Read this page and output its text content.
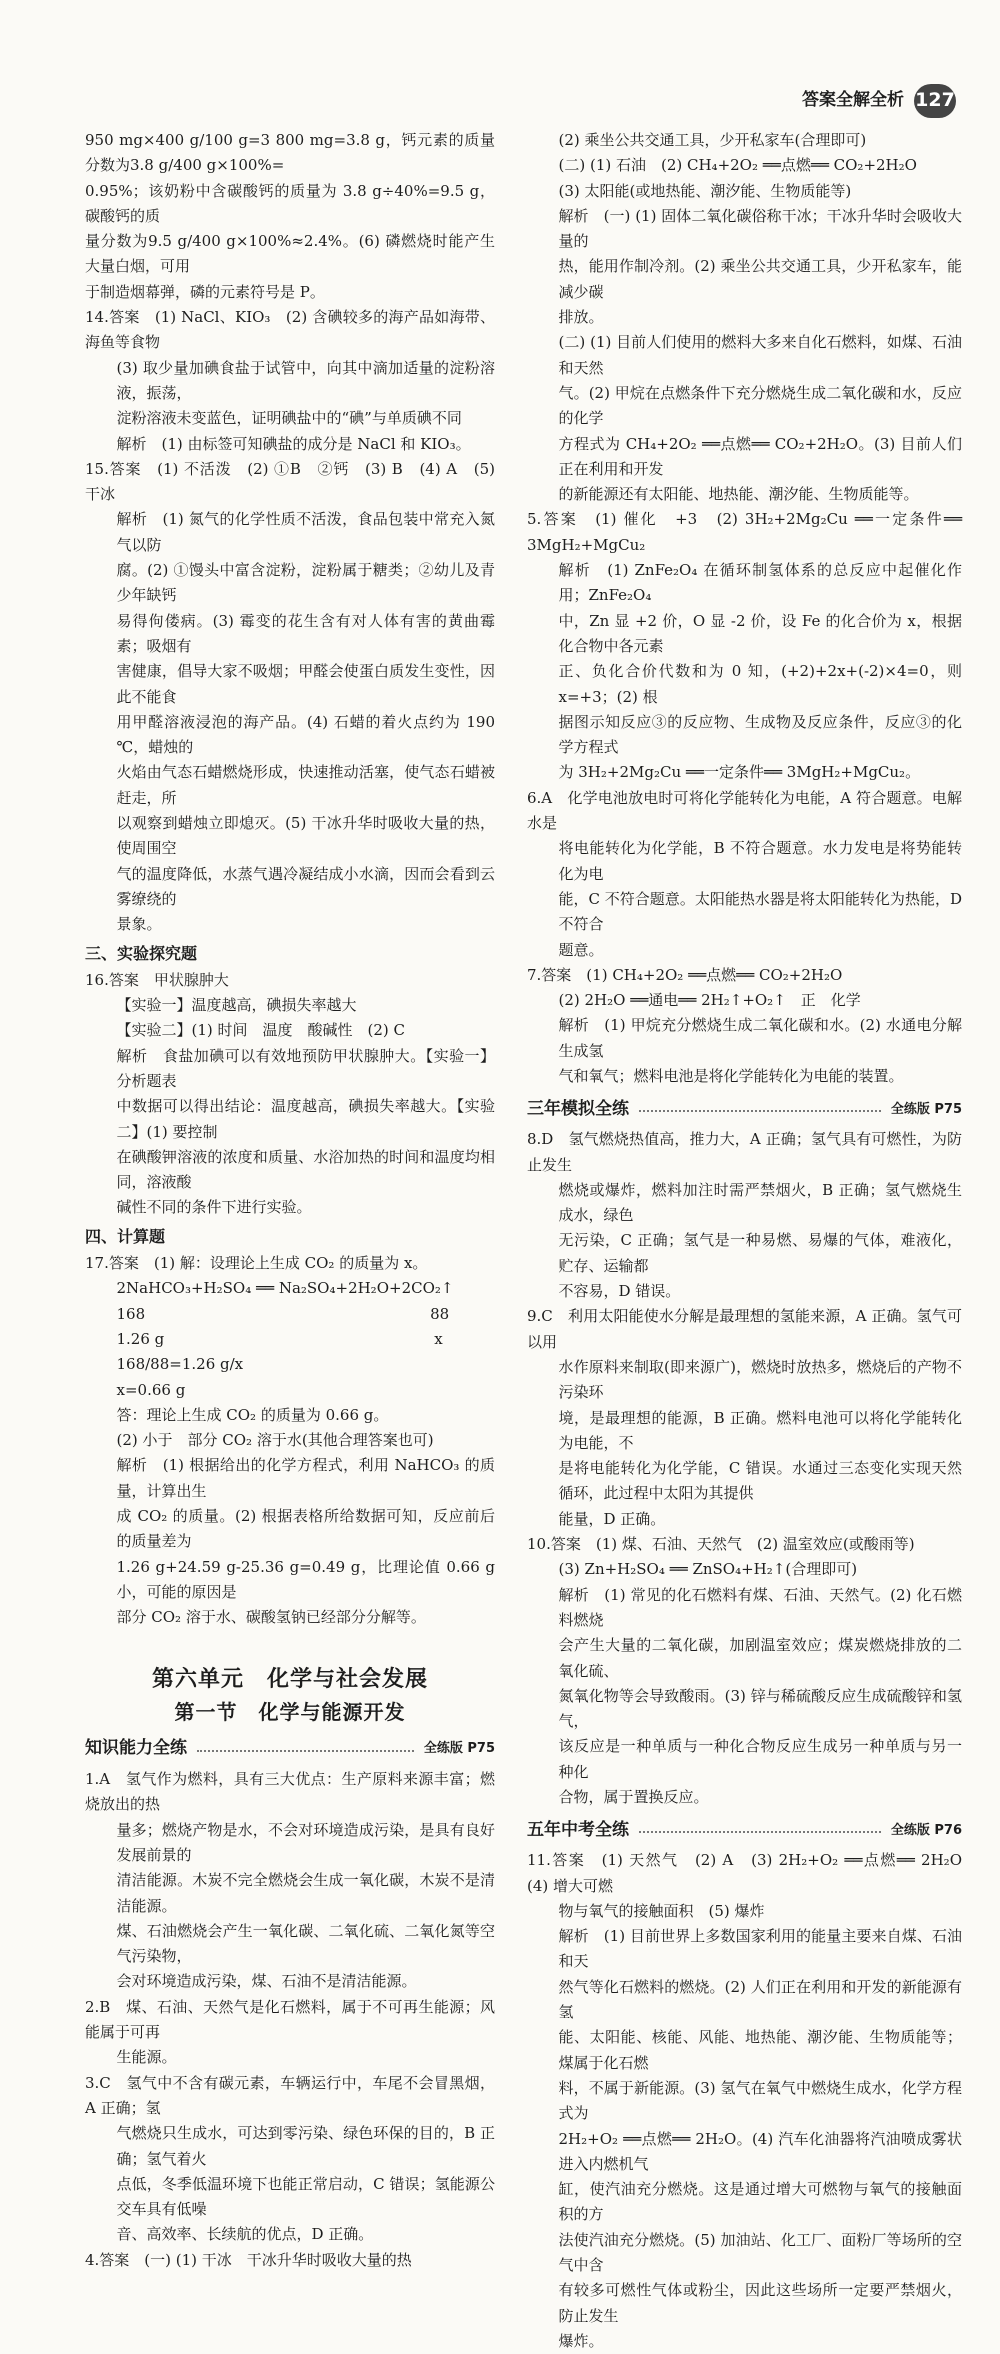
答案全解全析 127

950 mg×400 g/100 g=3 800 mg=3.8 g，钙元素的质量分数为3.8 g/400 g×100%=

0.95%；该奶粉中含碳酸钙的质量为 3.8 g÷40%=9.5 g，碳酸钙的质

量分数为9.5 g/400 g×100%≈2.4%。(6) 磷燃烧时能产生大量白烟，可用

于制造烟幕弹，磷的元素符号是 P。

14.答案　(1) NaCl、KIO₃　(2) 含碘较多的海产品如海带、海鱼等食物

(3) 取少量加碘食盐于试管中，向其中滴加适量的淀粉溶液，振荡，

淀粉溶液未变蓝色，证明碘盐中的“碘”与单质碘不同

解析　(1) 由标签可知碘盐的成分是 NaCl 和 KIO₃。

15.答案　(1) 不活泼　(2) ①B　②钙　(3) B　(4) A　(5) 干冰

解析　(1) 氮气的化学性质不活泼，食品包装中常充入氮气以防

腐。(2) ①馒头中富含淀粉，淀粉属于糖类；②幼儿及青少年缺钙

易得佝偻病。(3) 霉变的花生含有对人体有害的黄曲霉素；吸烟有

害健康，倡导大家不吸烟；甲醛会使蛋白质发生变性，因此不能食

用甲醛溶液浸泡的海产品。(4) 石蜡的着火点约为 190 ℃，蜡烛的

火焰由气态石蜡燃烧形成，快速推动活塞，使气态石蜡被赶走，所

以观察到蜡烛立即熄灭。(5) 干冰升华时吸收大量的热，使周围空

气的温度降低，水蒸气遇冷凝结成小水滴，因而会看到云雾缭绕的

景象。

三、实验探究题

16.答案　甲状腺肿大

【实验一】温度越高，碘损失率越大

【实验二】(1) 时间　温度　酸碱性　(2) C

解析　食盐加碘可以有效地预防甲状腺肿大。【实验一】分析题表

中数据可以得出结论：温度越高，碘损失率越大。【实验二】(1) 要控制

在碘酸钾溶液的浓度和质量、水浴加热的时间和温度均相同，溶液酸

碱性不同的条件下进行实验。

四、计算题

17.答案　(1) 解：设理论上生成 CO₂ 的质量为 x。

2NaHCO₃+H₂SO₄ ══ Na₂SO₄+2H₂O+2CO₂↑

168　　　　　　　　　　　　　　　　　　　88

1.26 g　　　　　　　　　　　　　　　　　　x

168/88=1.26 g/x

x=0.66 g

答：理论上生成 CO₂ 的质量为 0.66 g。

(2) 小于　部分 CO₂ 溶于水(其他合理答案也可)

解析　(1) 根据给出的化学方程式，利用 NaHCO₃ 的质量，计算出生

成 CO₂ 的质量。(2) 根据表格所给数据可知，反应前后的质量差为

1.26 g+24.59 g-25.36 g=0.49 g，比理论值 0.66 g 小，可能的原因是

部分 CO₂ 溶于水、碳酸氢钠已经部分分解等。

第六单元　化学与社会发展
第一节　化学与能源开发
知识能力全练	全练版 P75

1.A　氢气作为燃料，具有三大优点：生产原料来源丰富；燃烧放出的热

量多；燃烧产物是水，不会对环境造成污染，是具有良好发展前景的

清洁能源。木炭不完全燃烧会生成一氧化碳，木炭不是清洁能源。

煤、石油燃烧会产生一氧化碳、二氧化硫、二氧化氮等空气污染物，

会对环境造成污染，煤、石油不是清洁能源。

2.B　煤、石油、天然气是化石燃料，属于不可再生能源；风能属于可再

生能源。

3.C　氢气中不含有碳元素，车辆运行中，车尾不会冒黑烟，A 正确；氢

气燃烧只生成水，可达到零污染、绿色环保的目的，B 正确；氢气着火

点低，冬季低温环境下也能正常启动，C 错误；氢能源公交车具有低噪

音、高效率、长续航的优点，D 正确。

4.答案　(一) (1) 干冰　干冰升华时吸收大量的热

(2) 乘坐公共交通工具，少开私家车(合理即可)

(二) (1) 石油　(2) CH₄+2O₂ ══点燃══ CO₂+2H₂O

(3) 太阳能(或地热能、潮汐能、生物质能等)

解析　(一) (1) 固体二氧化碳俗称干冰；干冰升华时会吸收大量的

热，能用作制冷剂。(2) 乘坐公共交通工具，少开私家车，能减少碳

排放。

(二) (1) 目前人们使用的燃料大多来自化石燃料，如煤、石油和天然

气。(2) 甲烷在点燃条件下充分燃烧生成二氧化碳和水，反应的化学

方程式为 CH₄+2O₂ ══点燃══ CO₂+2H₂O。(3) 目前人们正在利用和开发

的新能源还有太阳能、地热能、潮汐能、生物质能等。

5.答案　(1) 催化　+3　(2) 3H₂+2Mg₂Cu ══一定条件══ 3MgH₂+MgCu₂

解析　(1) ZnFe₂O₄ 在循环制氢体系的总反应中起催化作用；ZnFe₂O₄

中，Zn 显 +2 价，O 显 -2 价，设 Fe 的化合价为 x，根据化合物中各元素

正、负化合价代数和为 0 知，(+2)+2x+(-2)×4=0，则 x=+3；(2) 根

据图示知反应③的反应物、生成物及反应条件，反应③的化学方程式

为 3H₂+2Mg₂Cu ══一定条件══ 3MgH₂+MgCu₂。

6.A　化学电池放电时可将化学能转化为电能，A 符合题意。电解水是

将电能转化为化学能，B 不符合题意。水力发电是将势能转化为电

能，C 不符合题意。太阳能热水器是将太阳能转化为热能，D 不符合

题意。

7.答案　(1) CH₄+2O₂ ══点燃══ CO₂+2H₂O

(2) 2H₂O ══通电══ 2H₂↑+O₂↑　正　化学

解析　(1) 甲烷充分燃烧生成二氧化碳和水。(2) 水通电分解生成氢

气和氧气；燃料电池是将化学能转化为电能的装置。

三年模拟全练	全练版 P75

8.D　氢气燃烧热值高，推力大，A 正确；氢气具有可燃性，为防止发生

燃烧或爆炸，燃料加注时需严禁烟火，B 正确；氢气燃烧生成水，绿色

无污染，C 正确；氢气是一种易燃、易爆的气体，难液化，贮存、运输都

不容易，D 错误。

9.C　利用太阳能使水分解是最理想的氢能来源，A 正确。氢气可以用

水作原料来制取(即来源广)，燃烧时放热多，燃烧后的产物不污染环

境，是最理想的能源，B 正确。燃料电池可以将化学能转化为电能，不

是将电能转化为化学能，C 错误。水通过三态变化实现天然循环，此过程中太阳为其提供

能量，D 正确。

10.答案　(1) 煤、石油、天然气　(2) 温室效应(或酸雨等)

(3) Zn+H₂SO₄ ══ ZnSO₄+H₂↑(合理即可)

解析　(1) 常见的化石燃料有煤、石油、天然气。(2) 化石燃料燃烧

会产生大量的二氧化碳，加剧温室效应；煤炭燃烧排放的二氧化硫、

氮氧化物等会导致酸雨。(3) 锌与稀硫酸反应生成硫酸锌和氢气，

该反应是一种单质与一种化合物反应生成另一种单质与另一种化

合物，属于置换反应。

五年中考全练	全练版 P76

11.答案　(1) 天然气　(2) A　(3) 2H₂+O₂ ══点燃══ 2H₂O　(4) 增大可燃

物与氧气的接触面积　(5) 爆炸

解析　(1) 目前世界上多数国家利用的能量主要来自煤、石油和天

然气等化石燃料的燃烧。(2) 人们正在利用和开发的新能源有氢

能、太阳能、核能、风能、地热能、潮汐能、生物质能等；煤属于化石燃

料，不属于新能源。(3) 氢气在氧气中燃烧生成水，化学方程式为

2H₂+O₂ ══点燃══ 2H₂O。(4) 汽车化油器将汽油喷成雾状进入内燃机气

缸，使汽油充分燃烧。这是通过增大可燃物与氧气的接触面积的方

法使汽油充分燃烧。(5) 加油站、化工厂、面粉厂等场所的空气中含

有较多可燃性气体或粉尘，因此这些场所一定要严禁烟火，防止发生

爆炸。
